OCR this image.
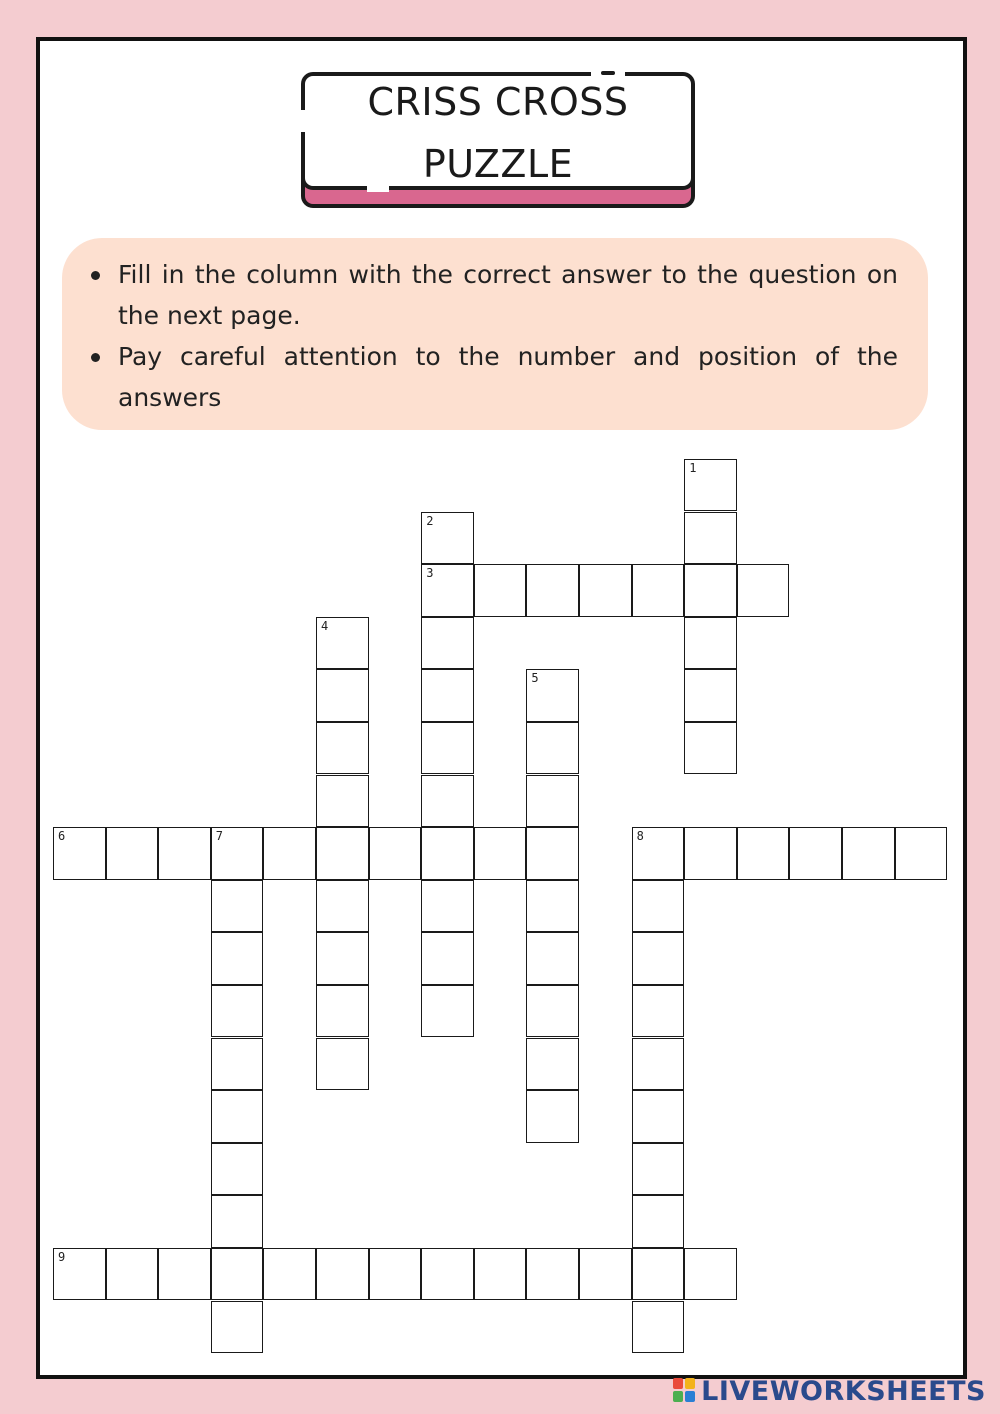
CRISS CROSS
PUZZLE
Fill in the column with the correct answer to the question on the next page.
Pay careful attention to the number and position of the answers
1
2
3
4
5
6	7	8
9
LIVEWORKSHEETS
